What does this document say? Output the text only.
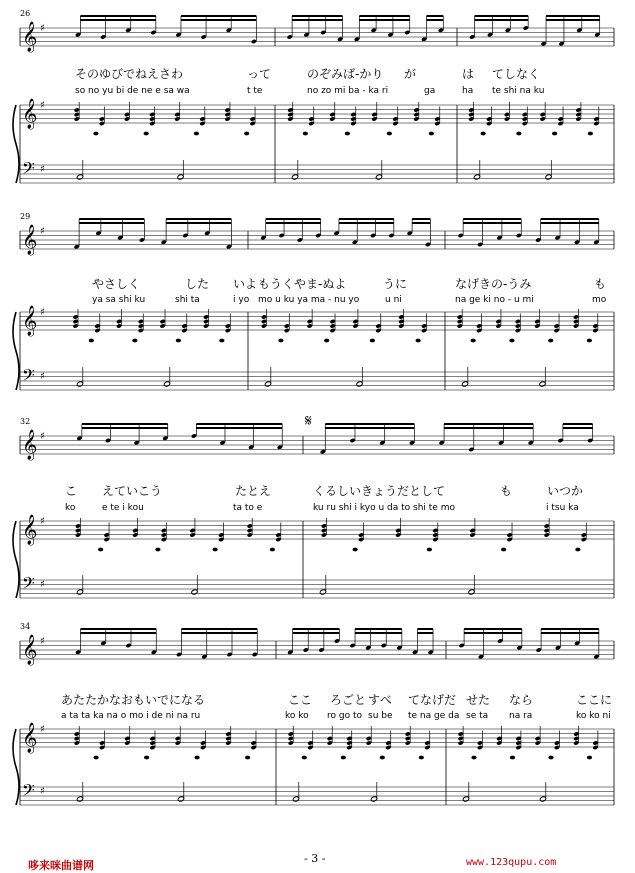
𝄞 ♯
𝄞 ♯
𝄢 ♯
26
そのゆびでねえさわ	って	のぞみば-かり が	は てしなく
so no yu bi de ne e sa wa	t te	no zo mi ba - ka ri	ga	ha te shi na ku
𝄞 ♯
𝄞 ♯
𝄢 ♯
29
やさしく	した いよ もうくやま-ぬよ	うに	なげきの-うみ	も
ya sa shi ku	shi ta	i yo mo u ku ya ma - nu yo	u ni	na ge ki no - u mi	mo
𝄞 ♯
𝄞 ♯
𝄢 ♯
32	𝄋
こ えていこう	たとえ	くるしいきょうだとして	も	いつか
ko	e te i kou	ta to e	ku ru shi i kyo u da to shi te mo	i tsu ka
𝄞 ♯
𝄞 ♯
𝄢 ♯
34
あたたかなおもいでになる	ここ ろごと すべ てなげだ せた なら	ここに
a ta ta ka na o mo i de ni na ru	ko ko ro go to su be te na ge da se ta na ra	ko ko ni
- 3 -
哆来咪曲谱网	www.123qupu.com
